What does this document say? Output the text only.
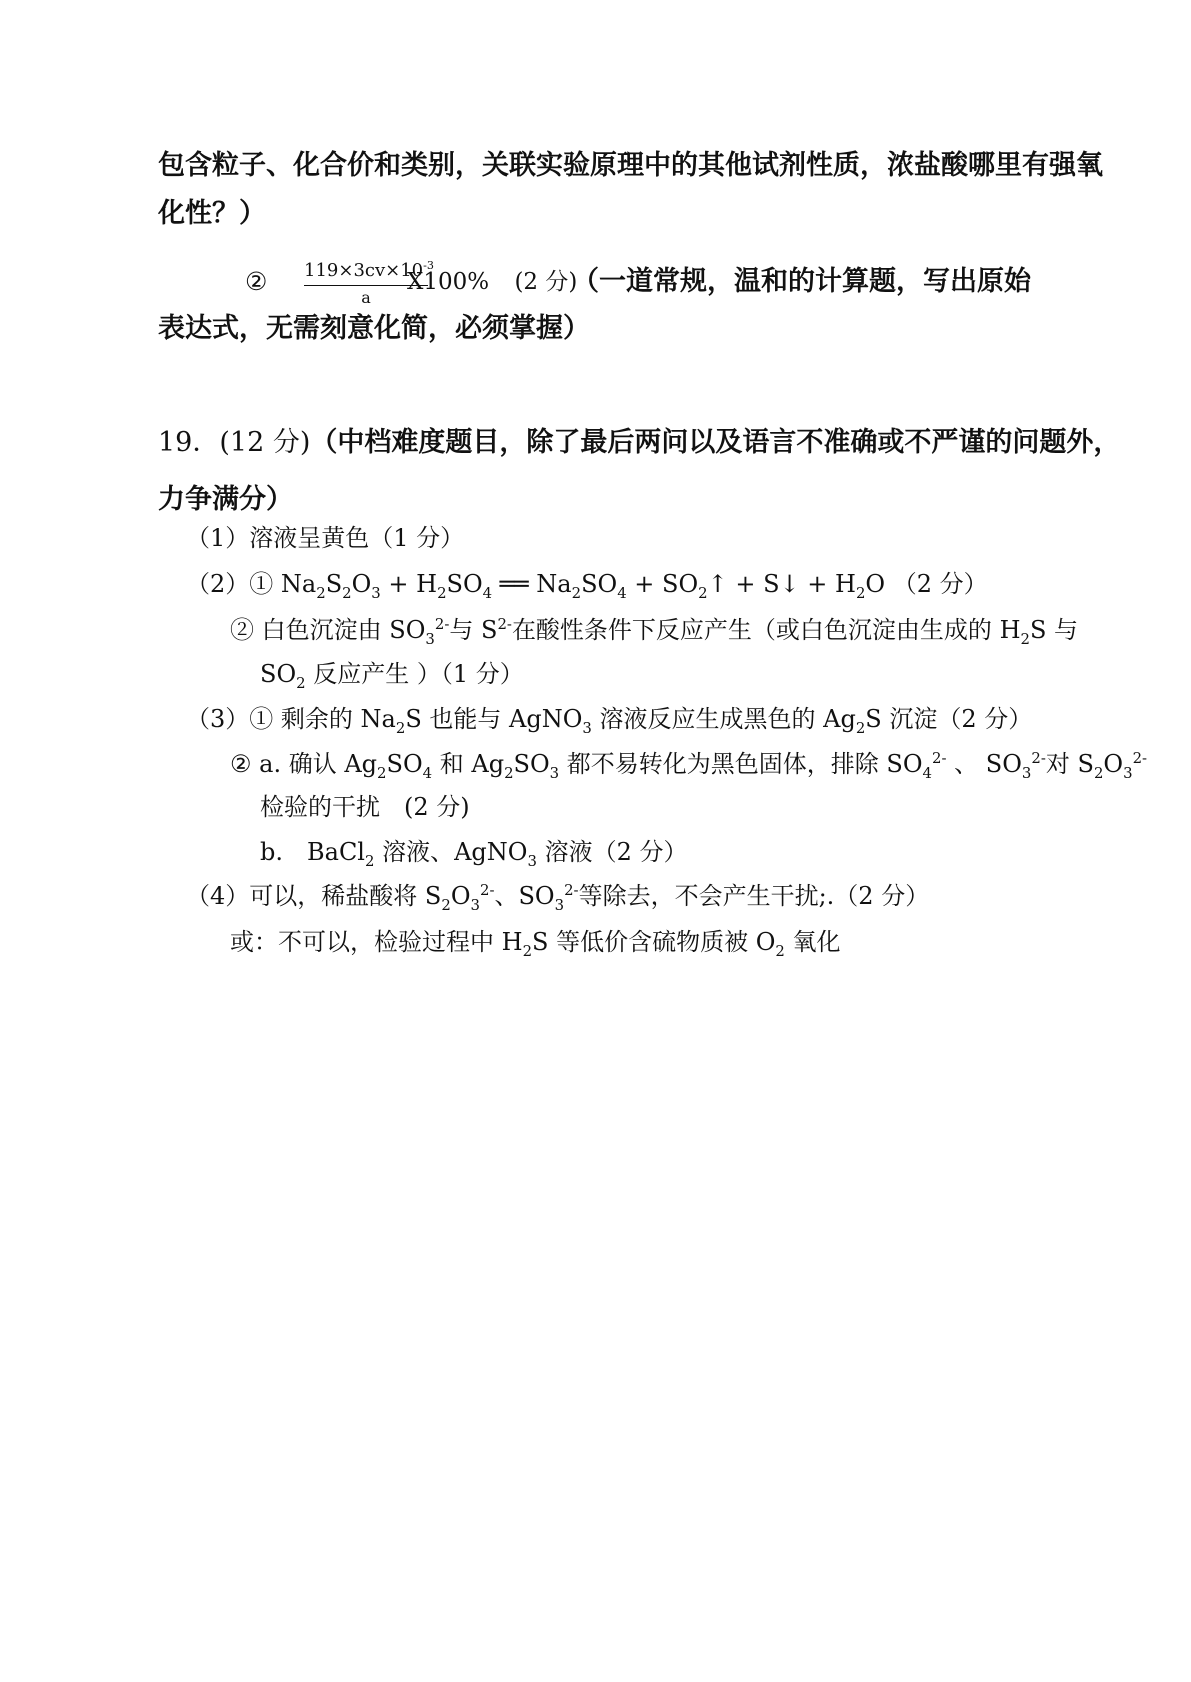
包含粒子、化合价和类别，关联实验原理中的其他试剂性质，浓盐酸哪里有强氧
化性？）
② $\frac{119\times 3cv\times 10^{-3}}{a}$
X100% (2 分)
（一道常规，温和的计算题，写出原始
表达式，无需刻意化简，必须掌握）
19．(12 分)（中档难度题目，除了最后两问以及语言不准确或不严谨的问题外，
力争满分）
（1）溶液呈黄色（1 分）
（2）① $Na_2S_2O_3 + H_2SO_4$ ══ $Na_2SO_4$ + $SO_2↑$ + S↓ + $H_2O$ （2 分）
② 白色沉淀由 $SO_3^{2-}$与 $S^{2-}$在酸性条件下反应产生（或白色沉淀由生成的 $H_2S$ 与
$SO_2$ 反应产生 ）（1 分）
（3）① 剩余的 $Na_2S$ 也能与 AgNO$_3$ 溶液反应生成黑色的 $Ag_2S$ 沉淀（2 分）
② a. 确认 $Ag_2SO_4$ 和 $Ag_2SO_3$ 都不易转化为黑色固体，排除 $SO_4^{2-}$ 、 $SO_3^{2-}$对 $S_2O_3^{2-}$
检验的干扰　(2 分)
b.　BaCl$_2$ 溶液、AgNO$_3$ 溶液（2 分）
（4）可以，稀盐酸将 $S_2O_3^{2-}$、$SO_3^{2-}$等除去，不会产生干扰;.（2 分）
或：不可以，检验过程中 $H_2S$ 等低价含硫物质被 $O_2$ 氧化
